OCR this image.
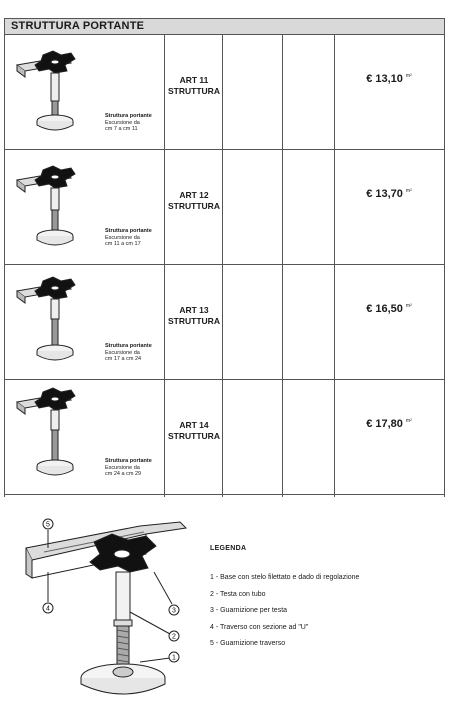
STRUTTURA PORTANTE
Struttura portante
Escursione da
cm 7 a cm 11
ART 11
STRUTTURA
€ 13,10 $^{m^2}$
Struttura portante
Escursione da
cm 11 a cm 17
ART 12
STRUTTURA
€ 13,70 $^{m^2}$
Struttura portante
Escursione da
cm 17 a cm 24
ART 13
STRUTTURA
€ 16,50 $^{m^2}$
Struttura portante
Escursione da
cm 24 a cm 29
ART 14
STRUTTURA
€ 17,80 $^{m^2}$
5
4	3
2
1
LEGENDA
1 - Base con stelo filettato e dado di regolazione
2 - Testa con tubo
3 - Guarnizione per testa
4 - Traverso con sezione ad "U"
5 - Guarnizione traverso
